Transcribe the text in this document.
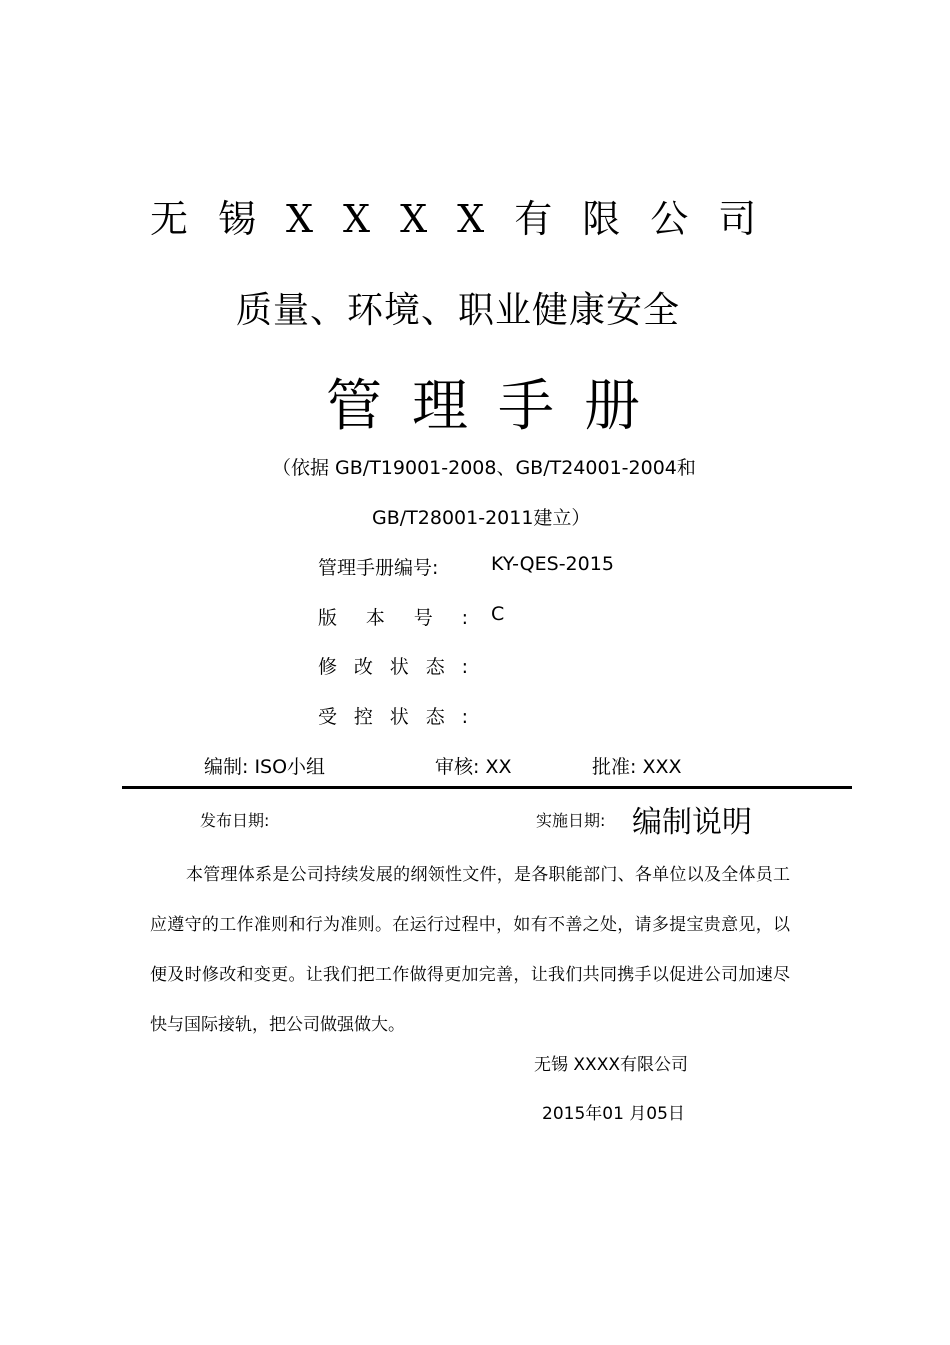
无锡XXXX有限公司
质量、环境、职业健康安全
管理手册
（依据 GB/T19001-2008、GB/T24001-2004和
GB/T28001-2011建立）
管理手册编号:	KY-QES-2015
版本号: C
修改状态:
受控状态:
编制: ISO小组	审核: XX	批准: XXX
发布日期:	实施日期: 编制说明
本管理体系是公司持续发展的纲领性文件，是各职能部门、各单位以及全体员工应遵守的工作准则和行为准则。在运行过程中，如有不善之处，请多提宝贵意见，以便及时修改和变更。让我们把工作做得更加完善，让我们共同携手以促进公司加速尽快与国际接轨，把公司做强做大。
无锡 XXXX有限公司
2015年01 月05日
